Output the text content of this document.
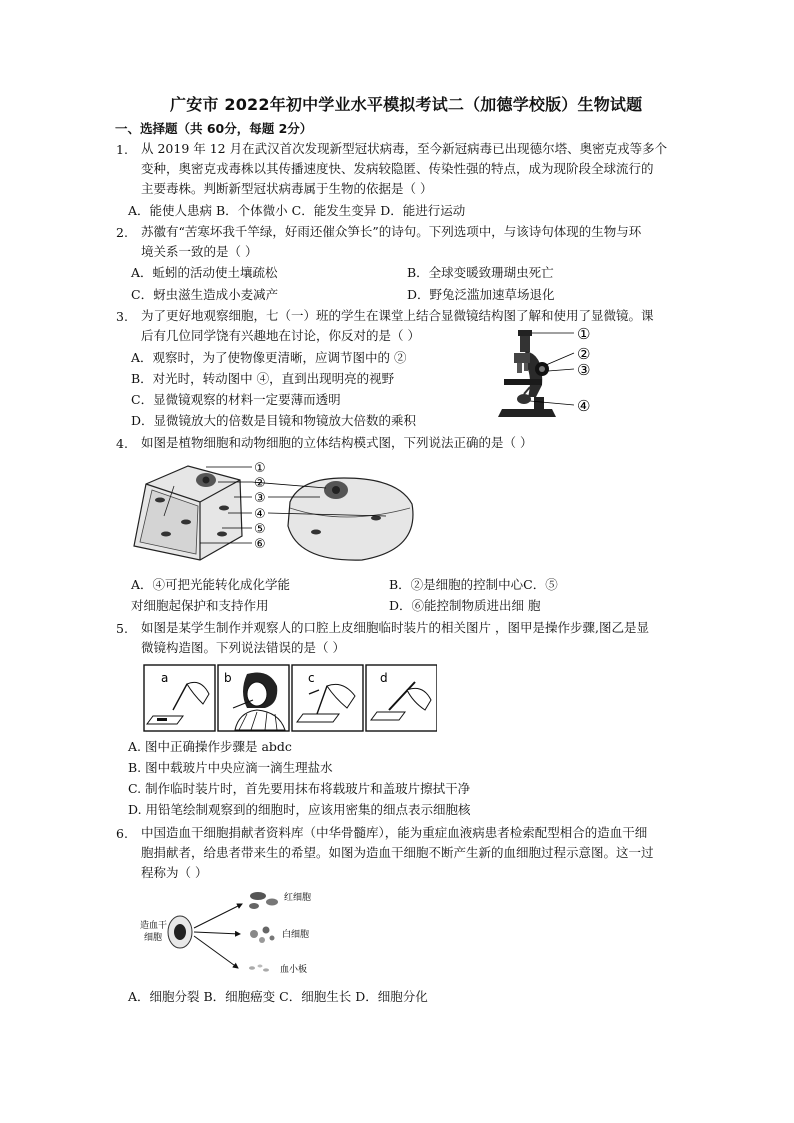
广安市 2022年初中学业水平模拟考试二（加德学校版）生物试题
一、选择题（共 60分，每题 2分）
1. 从 2019 年 12 月在武汉首次发现新型冠状病毒，至今新冠病毒已出现德尔塔、奥密克戎等多个
变种，奥密克戎毒株以其传播速度快、发病较隐匿、传染性强的特点，成为现阶段全球流行的
主要毒株。判断新型冠状病毒属于生物的依据是（ ）
A．能使人患病 B．个体微小 C．能发生变异 D．能进行运动
2. 苏徽有“苦寒坏我千竿绿，好雨还催众笋长”的诗句。下列选项中，与该诗句体现的生物与环
境关系一致的是（ ）
A．蚯蚓的活动使土壤疏松	B．全球变暖致珊瑚虫死亡
C．蚜虫滋生造成小麦减产	D．野兔泛滥加速草场退化
3. 为了更好地观察细胞，七（一）班的学生在课堂上结合显微镜结构图了解和使用了显微镜。课
后有几位同学饶有兴趣地在讨论，你反对的是（ ）
A．观察时，为了使物像更清晰，应调节图中的 ②
B．对光时，转动图中 ④，直到出现明亮的视野
C．显微镜观察的材料一定要薄而透明
D．显微镜放大的倍数是目镜和物镜放大倍数的乘积
①
②
③
④
4. 如图是植物细胞和动物细胞的立体结构模式图，下列说法正确的是（ ）
①
②
③
④
⑤
⑥
A．④可把光能转化成化学能	B．②是细胞的控制中心C．⑤
对细胞起保护和支持作用	D．⑥能控制物质进出细 胞
5. 如图是某学生制作并观察人的口腔上皮细胞临时装片的相关图片 ，图甲是操作步骤,图乙是显
微镜构造图。下列说法错误的是（ ）
a	b	c	d
A. 图中正确操作步骤是 abdc
B. 图中载玻片中央应滴一滴生理盐水
C. 制作临时装片时，首先要用抹布将载玻片和盖玻片擦拭干净
D. 用铅笔绘制观察到的细胞时，应该用密集的细点表示细胞核
6. 中国造血干细胞捐献者资料库（中华骨髓库），能为重症血液病患者检索配型相合的造血干细
胞捐献者，给患者带来生的希望。如图为造血干细胞不断产生新的血细胞过程示意图。这一过
程称为（ ）
造血干
细胞
红细胞
白细胞
血小板
A．细胞分裂 B．细胞癌变 C．细胞生长 D．细胞分化
